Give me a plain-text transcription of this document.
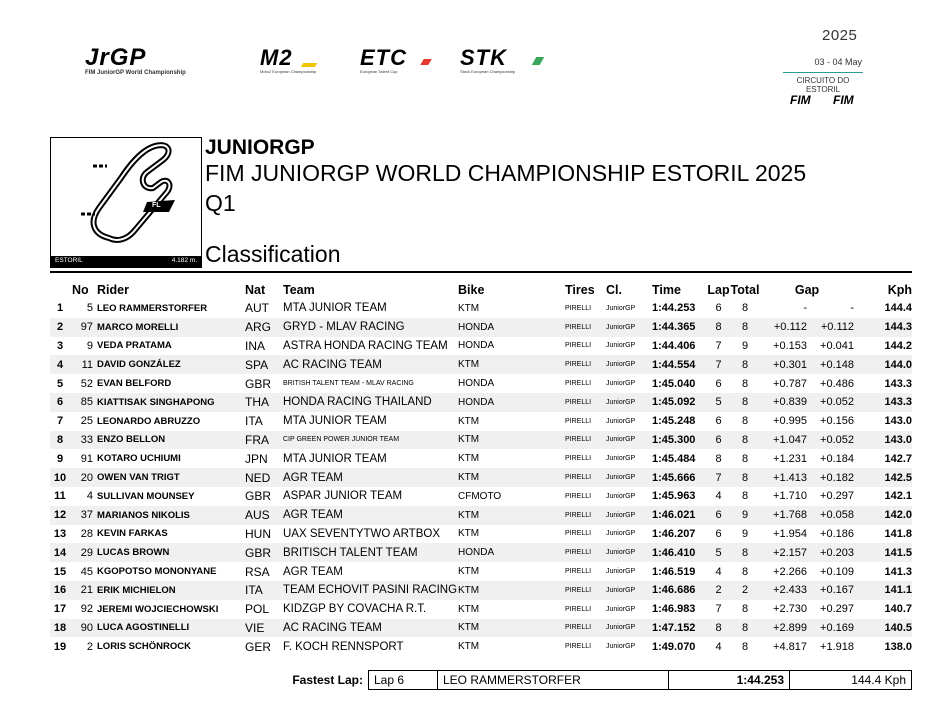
JrGP
FIM JuniorGP World Championship
M2
Moto2 European Championship
ETC
European Talent Cup
STK
Stock European Championship
2025
03 - 04 May
CIRCUITO DO ESTORIL
FIM FIM
FL
ESTORIL	4.182 m.
JUNIORGP
FIM JUNIORGP WORLD CHAMPIONSHIP ESTORIL 2025
Q1
Classification
	No	Rider	Nat	Team	Bike	Tires	Cl.	Time	Lap	Total	Gap		Kph
1	5	LEO RAMMERSTORFER	AUT	MTA JUNIOR TEAM	KTM	PIRELLI	JuniorGP	1:44.253	6	8	-	-	144.4
2	97	MARCO MORELLI	ARG	GRYD - MLAV RACING	HONDA	PIRELLI	JuniorGP	1:44.365	8	8	+0.112	+0.112	144.3
3	9	VEDA PRATAMA	INA	ASTRA HONDA RACING TEAM	HONDA	PIRELLI	JuniorGP	1:44.406	7	9	+0.153	+0.041	144.2
4	11	DAVID GONZÁLEZ	SPA	AC RACING TEAM	KTM	PIRELLI	JuniorGP	1:44.554	7	8	+0.301	+0.148	144.0
5	52	EVAN BELFORD	GBR	BRITISH TALENT TEAM - MLAV RACING	HONDA	PIRELLI	JuniorGP	1:45.040	6	8	+0.787	+0.486	143.3
6	85	KIATTISAK SINGHAPONG	THA	HONDA RACING THAILAND	HONDA	PIRELLI	JuniorGP	1:45.092	5	8	+0.839	+0.052	143.3
7	25	LEONARDO ABRUZZO	ITA	MTA JUNIOR TEAM	KTM	PIRELLI	JuniorGP	1:45.248	6	8	+0.995	+0.156	143.0
8	33	ENZO BELLON	FRA	CIP GREEN POWER JUNIOR TEAM	KTM	PIRELLI	JuniorGP	1:45.300	6	8	+1.047	+0.052	143.0
9	91	KOTARO UCHIUMI	JPN	MTA JUNIOR TEAM	KTM	PIRELLI	JuniorGP	1:45.484	8	8	+1.231	+0.184	142.7
10	20	OWEN VAN TRIGT	NED	AGR TEAM	KTM	PIRELLI	JuniorGP	1:45.666	7	8	+1.413	+0.182	142.5
11	4	SULLIVAN MOUNSEY	GBR	ASPAR JUNIOR TEAM	CFMOTO	PIRELLI	JuniorGP	1:45.963	4	8	+1.710	+0.297	142.1
12	37	MARIANOS NIKOLIS	AUS	AGR TEAM	KTM	PIRELLI	JuniorGP	1:46.021	6	9	+1.768	+0.058	142.0
13	28	KEVIN FARKAS	HUN	UAX SEVENTYTWO ARTBOX	KTM	PIRELLI	JuniorGP	1:46.207	6	9	+1.954	+0.186	141.8
14	29	LUCAS BROWN	GBR	BRITISCH TALENT TEAM	HONDA	PIRELLI	JuniorGP	1:46.410	5	8	+2.157	+0.203	141.5
15	45	KGOPOTSO MONONYANE	RSA	AGR TEAM	KTM	PIRELLI	JuniorGP	1:46.519	4	8	+2.266	+0.109	141.3
16	21	ERIK MICHIELON	ITA	TEAM ECHOVIT PASINI RACING	KTM	PIRELLI	JuniorGP	1:46.686	2	2	+2.433	+0.167	141.1
17	92	JEREMI WOJCIECHOWSKI	POL	KIDZGP BY COVACHA R.T.	KTM	PIRELLI	JuniorGP	1:46.983	7	8	+2.730	+0.297	140.7
18	90	LUCA AGOSTINELLI	VIE	AC RACING TEAM	KTM	PIRELLI	JuniorGP	1:47.152	8	8	+2.899	+0.169	140.5
19	2	LORIS SCHÖNROCK	GER	F. KOCH RENNSPORT	KTM	PIRELLI	JuniorGP	1:49.070	4	8	+4.817	+1.918	138.0
Fastest Lap: Lap 6	LEO RAMMERSTORFER	1:44.253	144.4 Kph
